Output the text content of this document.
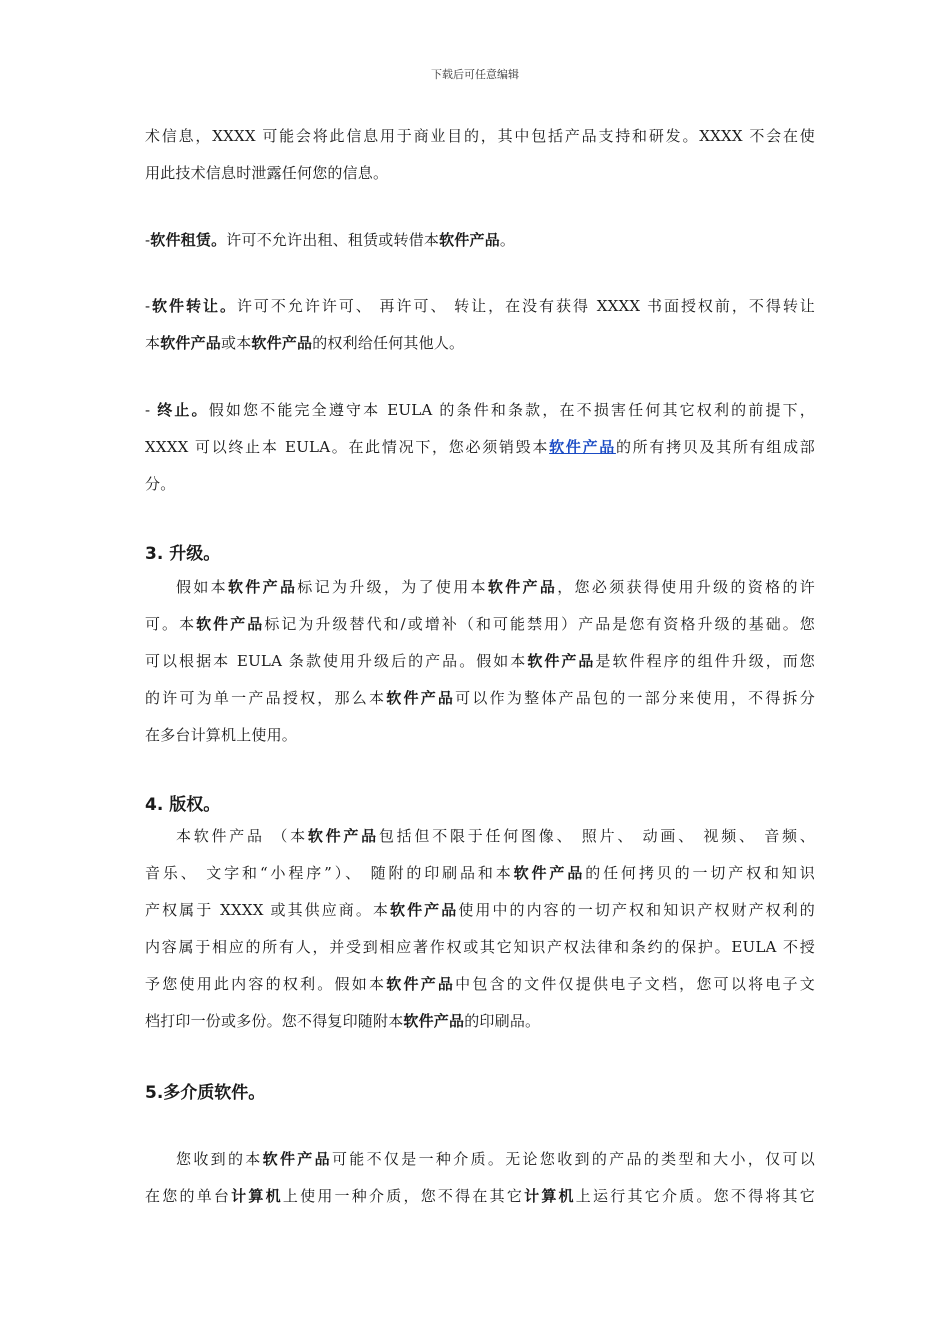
下载后可任意编辑
术信息，XXXX 可能会将此信息用于商业目的，其中包括产品支持和研发。XXXX 不会在使
用此技术信息时泄露任何您的信息。
-软件租赁。许可不允许出租、租赁或转借本软件产品。
-软件转让。许可不允许许可、 再许可、 转让，在没有获得 XXXX 书面授权前，不得转让
本软件产品或本软件产品的权利给任何其他人。
- 终止。假如您不能完全遵守本 EULA 的条件和条款，在不损害任何其它权利的前提下，
XXXX 可以终止本 EULA。在此情况下，您必须销毁本软件产品的所有拷贝及其所有组成部
分。
3. 升级。
假如本软件产品标记为升级，为了使用本软件产品，您必须获得使用升级的资格的许
可。本软件产品标记为升级替代和/或增补（和可能禁用）产品是您有资格升级的基础。您
可以根据本 EULA 条款使用升级后的产品。假如本软件产品是软件程序的组件升级，而您
的许可为单一产品授权，那么本软件产品可以作为整体产品包的一部分来使用，不得拆分
在多台计算机上使用。
4. 版权。
本软件产品 （本软件产品包括但不限于任何图像、 照片、 动画、 视频、 音频、
音乐、 文字和“小程序”）、 随附的印刷品和本软件产品的任何拷贝的一切产权和知识
产权属于 XXXX 或其供应商。本软件产品使用中的内容的一切产权和知识产权财产权利的
内容属于相应的所有人，并受到相应著作权或其它知识产权法律和条约的保护。EULA 不授
予您使用此内容的权利。假如本软件产品中包含的文件仅提供电子文档，您可以将电子文
档打印一份或多份。您不得复印随附本软件产品的印刷品。
5.多介质软件。
您收到的本软件产品可能不仅是一种介质。无论您收到的产品的类型和大小，仅可以
在您的单台计算机上使用一种介质，您不得在其它计算机上运行其它介质。您不得将其它
